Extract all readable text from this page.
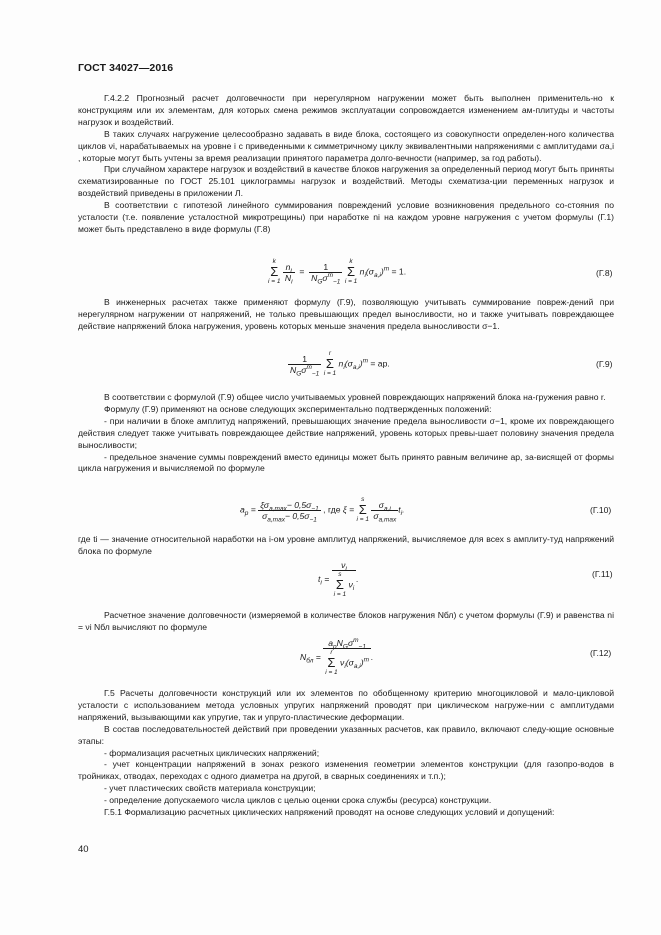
ГОСТ 34027—2016

Г.4.2.2 Прогнозный расчет долговечности при нерегулярном нагружении может быть выполнен применитель-но к конструкциям или их элементам, для которых смена режимов эксплуатации сопровождается изменением ам-плитуды и частоты нагрузок и воздействий.

В таких случаях нагружение целесообразно задавать в виде блока, состоящего из совокупности определен-ного количества циклов νi, нарабатываемых на уровне i с приведенными к симметричному циклу эквивалентными напряжениями с амплитудами σa,i , которые могут быть учтены за время реализации принятого параметра долго-вечности (например, за год работы).

При случайном характере нагрузок и воздействий в качестве блоков нагружения за определенный период могут быть приняты схематизированные по ГОСТ 25.101 циклограммы нагрузок и воздействий. Методы схематиза-ции переменных нагрузок и воздействий приведены в приложении Л.

В соответствии с гипотезой линейного суммирования повреждений условие возникновения предельного со-стояния по усталости (т.е. появление усталостной микротрещины) при наработке ni на каждом уровне нагружения с учетом формулы (Г.1) может быть представлено в виде формулы (Г.8)

k
Σ
i = 1
$\frac{n_i}{N_i} = \frac{1}{N_G\sigma^m_{-1}}$
	k
Σ
i = 1
$n_i(\sigma_{a,i})^m = 1$.	(Г.8)

В инженерных расчетах также применяют формулу (Г.9), позволяющую учитывать суммирование повреж-дений при нерегулярном нагружении от напряжений, не только превышающих предел выносливости, но и также учитывать повреждающее действие напряжений блока нагружения, уровень которых меньше значения предела выносливости σ−1.

$\frac{1}{N_G\sigma^m_{-1}}$
	r
Σ
i = 1
$n_i(\sigma_{a,i})^m$ = ap.	(Г.9)

В соответствии с формулой (Г.9) общее число учитываемых уровней повреждающих напряжений блока на-гружения равно r.

Формулу (Г.9) применяют на основе следующих экспериментально подтвержденных положений:

- при наличии в блоке амплитуд напряжений, превышающих значение предела выносливости σ−1, кроме их повреждающего действия следует также учитывать повреждающее действие напряжений, уровень которых превы-шает половину значения предела выносливости;

- предельное значение суммы повреждений вместо единицы может быть принято равным величине ap, за-висящей от формы цикла нагружения и вычисляемой по формуле

$a_p = \frac{\xi\sigma_{a,max}- 0,5\sigma_{-1}}{\sigma_{a,max}- 0,5\sigma_{-1}}$ , где ξ =
s
Σ
i = 1
$\frac{\sigma_{a,i}}{\sigma_{a,max}} t_i$.	(Г.10)

где ti — значение относительной наработки на i-ом уровне амплитуд напряжений, вычисляемое для всех s амплиту-туд напряжений блока по формуле

$t_i = \nu_i$
s
Σ
i = 1
$\nu_i$ .	(Г.11)

Расчетное значение долговечности (измеряемой в количестве блоков нагружения Nбл) с учетом формулы (Г.9) и равенства ni = νi Nбл вычисляют по формуле

$N_{бл} = a_pN_G\sigma^m_{-1}$
r
Σ
i = 1
$\nu_i(\sigma_{a,i})^m$ .	(Г.12)

Г.5 Расчеты долговечности конструкций или их элементов по обобщенному критерию многоцикловой и мало-цикловой усталости с использованием метода условных упругих напряжений проводят при циклическом нагруже-нии с амплитудами напряжений, вызывающими как упругие, так и упруго-пластические деформации.

В состав последовательностей действий при проведении указанных расчетов, как правило, включают следу-ющие основные этапы:

- формализация расчетных циклических напряжений;

- учет концентрации напряжений в зонах резкого изменения геометрии элементов конструкции (для газопро-водов в тройниках, отводах, переходах с одного диаметра на другой, в сварных соединениях и т.п.);

- учет пластических свойств материала конструкции;

- определение допускаемого числа циклов с целью оценки срока службы (ресурса) конструкции.

Г.5.1 Формализацию расчетных циклических напряжений проводят на основе следующих условий и допущений:

40
